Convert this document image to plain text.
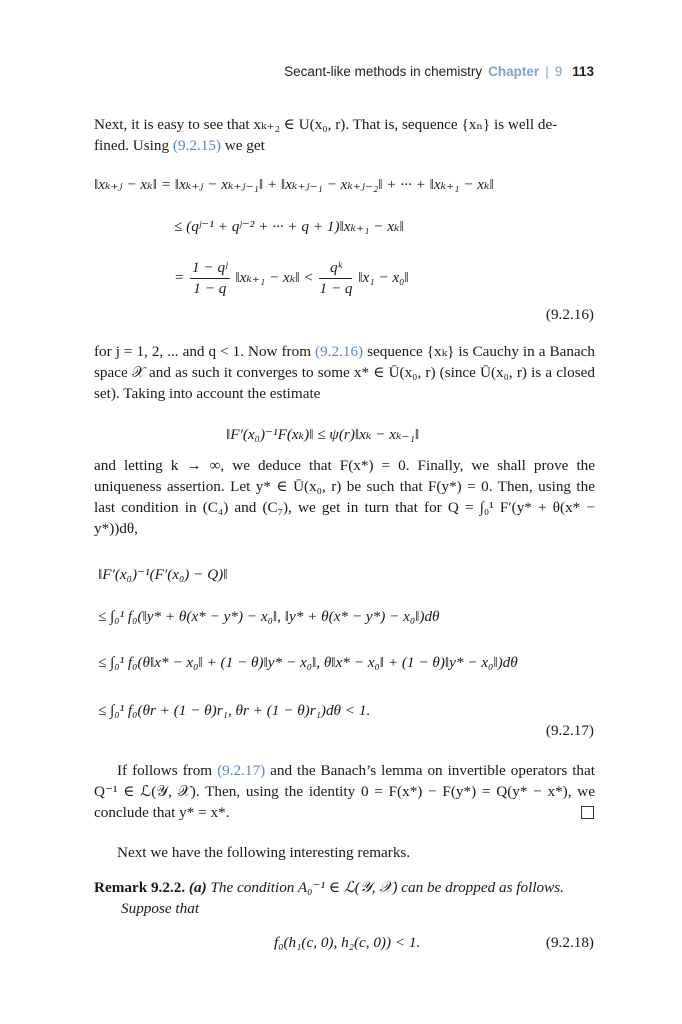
Secant-like methods in chemistry Chapter | 9 113
Next, it is easy to see that xₖ₊₂ ∈ U(x₀, r). That is, sequence {xₙ} is well de-
fined. Using (9.2.15) we get
‖xₖ₊ⱼ − xₖ‖ = ‖xₖ₊ⱼ − xₖ₊ⱼ₋₁‖ + ‖xₖ₊ⱼ₋₁ − xₖ₊ⱼ₋₂‖ + ··· + ‖xₖ₊₁ − xₖ‖
≤ (qʲ⁻¹ + qʲ⁻² + ··· + q + 1)‖xₖ₊₁ − xₖ‖
= $\frac{\text{1 − qʲ}}{1 - q}$ ‖xₖ₊₁ − xₖ‖ < $\frac{\text{qᵏ}}{1 - q}$ ‖x₁ − x₀‖
(9.2.16)
for j = 1, 2, ... and q < 1. Now from (9.2.16) sequence {xₖ} is Cauchy in a Banach space 𝒳 and as such it converges to some x* ∈ Ū(x₀, r) (since Ū(x₀, r) is a closed set). Taking into account the estimate
‖F′(x₀)⁻¹F(xₖ)‖ ≤ ψ(r)‖xₖ − xₖ₋₁‖
and letting k → ∞, we deduce that F(x*) = 0. Finally, we shall prove the uniqueness assertion. Let y* ∈ Ū(x₀, r) be such that F(y*) = 0. Then, using the last condition in (C₄) and (C₇), we get in turn that for Q = ∫₀¹ F′(y* + θ(x* − y*))dθ,
‖F′(x₀)⁻¹(F′(x₀) − Q)‖
≤ ∫₀¹ f₀(‖y* + θ(x* − y*) − x₀‖, ‖y* + θ(x* − y*) − x₀‖)dθ
≤ ∫₀¹ f₀(θ‖x* − x₀‖ + (1 − θ)‖y* − x₀‖, θ‖x* − x₀‖ + (1 − θ)‖y* − x₀‖)dθ
≤ ∫₀¹ f₀(θr + (1 − θ)r₁, θr + (1 − θ)r₁)dθ < 1.
(9.2.17)
If follows from (9.2.17) and the Banach’s lemma on invertible operators that Q⁻¹ ∈ ℒ(𝒴, 𝒳). Then, using the identity 0 = F(x*) − F(y*) = Q(y* − x*), we conclude that y* = x*.
Next we have the following interesting remarks.
Remark 9.2.2. (a) The condition A₀⁻¹ ∈ ℒ(𝒴, 𝒳) can be dropped as follows.
Suppose that
f₀(h₁(c, 0), h₂(c, 0)) < 1.	(9.2.18)
